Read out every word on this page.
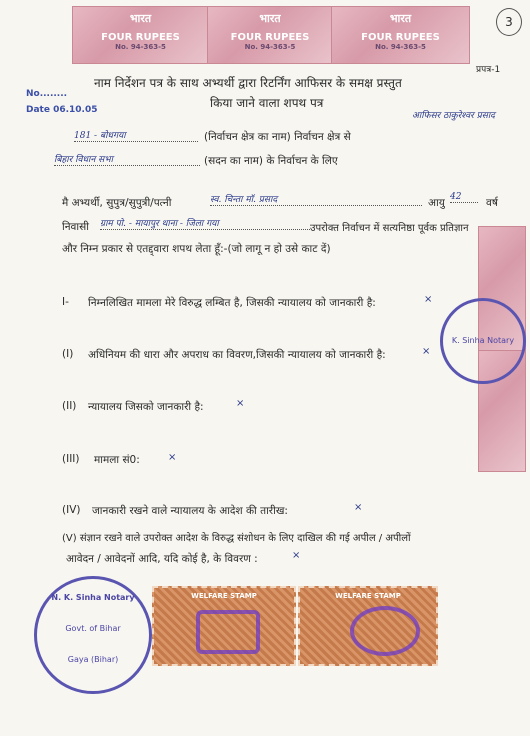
भारत
FOUR RUPEES
No. 94-363-5
भारत
FOUR RUPEES
No. 94-363-5
भारत
FOUR RUPEES
No. 94-363-5
3
प्रपत्र-1
No........
Date 06.10.05
नाम निर्देशन पत्र के साथ अभ्यर्थी द्वारा रिटर्निंग आफिसर के समक्ष प्रस्तुत
किया जाने वाला शपथ पत्र
आफिसर ठाकुरेश्वर प्रसाद
181 - बोधगया	(निर्वाचन क्षेत्र का नाम) निर्वाचन क्षेत्र से
बिहार विधान सभा	(सदन का नाम) के निर्वाचन के लिए
मै अभ्यर्थी, सुपुत्र/सुपुत्री/पत्नी	स्व. चिन्ता मॉ. प्रसाद	आयु 42	वर्ष
निवासी ग्राम पो. - मायापुर थाना - जिला गया	उपरोक्त निर्वाचन में सत्यनिष्ठा पूर्वक प्रतिज्ञान
और निम्न प्रकार से एतद्द्वारा शपथ लेता हूँ:-(जो लागू न हो उसे काट दें)
K. Sinha Notary
I- निम्नलिखित मामला मेरे विरुद्ध लम्बित है, जिसकी न्यायालय को जानकारी है:	×
(I) अधिनियम की धारा और अपराध का विवरण,जिसकी न्यायालय को जानकारी है:	×
(II) न्यायालय जिसको जानकारी है:	×
(III) मामला सं0:	×
(IV) जानकारी रखने वाले न्यायालय के आदेश की तारीख:	×
(V) संज्ञान रखने वाले उपरोक्त आदेश के विरुद्ध संशोधन के लिए दाखिल की गई अपील / अपीलों
आवेदन / आवेदनों आदि, यदि कोई है, के विवरण :	×
N. K. Sinha Notary
Govt. of Bihar
Gaya (Bihar)
WELFARE STAMP	WELFARE STAMP
